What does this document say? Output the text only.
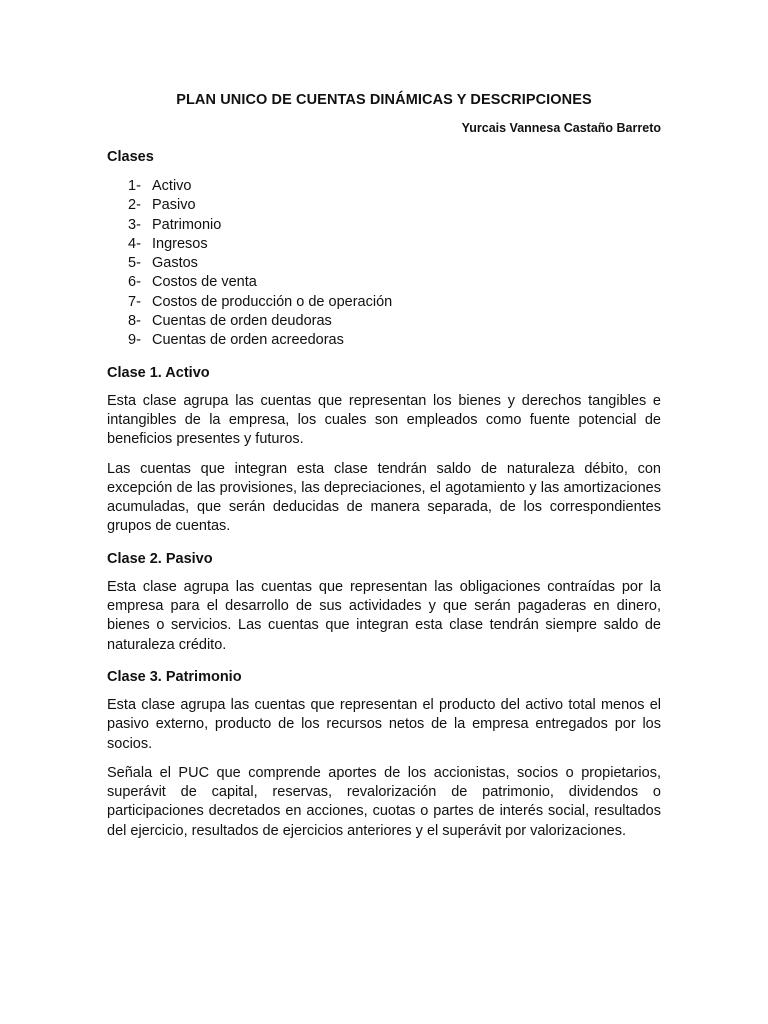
PLAN UNICO DE CUENTAS DINÁMICAS Y DESCRIPCIONES
Yurcais Vannesa Castaño Barreto
Clases
1- Activo
2- Pasivo
3- Patrimonio
4- Ingresos
5- Gastos
6- Costos de venta
7- Costos de producción o de operación
8- Cuentas de orden deudoras
9- Cuentas de orden acreedoras
Clase 1. Activo

Esta clase agrupa las cuentas que representan los bienes y derechos tangibles e intangibles de la empresa, los cuales son empleados como fuente potencial de beneficios presentes y futuros.

Las cuentas que integran esta clase tendrán saldo de naturaleza débito, con excepción de las provisiones, las depreciaciones, el agotamiento y las amortizaciones acumuladas, que serán deducidas de manera separada, de los correspondientes grupos de cuentas.

Clase 2. Pasivo

Esta clase agrupa las cuentas que representan las obligaciones contraídas por la empresa para el desarrollo de sus actividades y que serán pagaderas en dinero, bienes o servicios. Las cuentas que integran esta clase tendrán siempre saldo de naturaleza crédito.

Clase 3. Patrimonio

Esta clase agrupa las cuentas que representan el producto del activo total menos el pasivo externo, producto de los recursos netos de la empresa entregados por los socios.

Señala el PUC que comprende aportes de los accionistas, socios o propietarios, superávit de capital, reservas, revalorización de patrimonio, dividendos o participaciones decretados en acciones, cuotas o partes de interés social, resultados del ejercicio, resultados de ejercicios anteriores y el superávit por valorizaciones.
